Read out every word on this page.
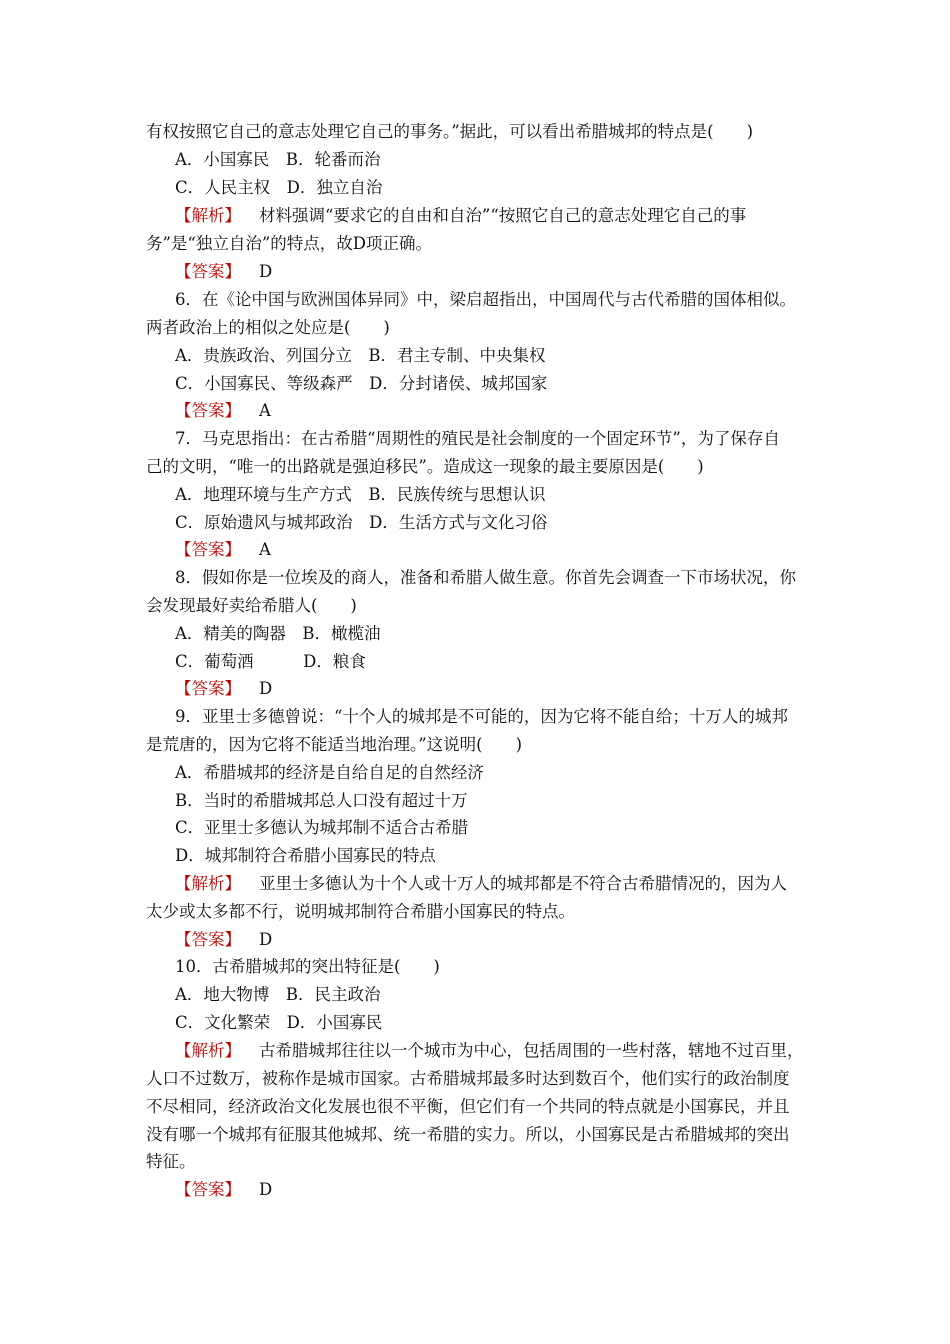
有权按照它自己的意志处理它自己的事务。”据此，可以看出希腊城邦的特点是(　　)
A．小国寡民　B．轮番而治
C．人民主权　D．独立自治
【解析】 材料强调“要求它的自由和自治”“按照它自己的意志处理它自己的事
务”是“独立自治”的特点，故D项正确。
【答案】 D
6．在《论中国与欧洲国体异同》中，梁启超指出，中国周代与古代希腊的国体相似。
两者政治上的相似之处应是(　　)
A．贵族政治、列国分立　B．君主专制、中央集权
C．小国寡民、等级森严　D．分封诸侯、城邦国家
【答案】 A
7．马克思指出：在古希腊“周期性的殖民是社会制度的一个固定环节”，为了保存自
己的文明，“唯一的出路就是强迫移民”。造成这一现象的最主要原因是(　　)
A．地理环境与生产方式　B．民族传统与思想认识
C．原始遗风与城邦政治　D．生活方式与文化习俗
【答案】 A
8．假如你是一位埃及的商人，准备和希腊人做生意。你首先会调查一下市场状况，你
会发现最好卖给希腊人(　　)
A．精美的陶器　B．橄榄油
C．葡萄酒　　　D．粮食
【答案】 D
9．亚里士多德曾说：“十个人的城邦是不可能的，因为它将不能自给；十万人的城邦
是荒唐的，因为它将不能适当地治理。”这说明(　　)
A．希腊城邦的经济是自给自足的自然经济
B．当时的希腊城邦总人口没有超过十万
C．亚里士多德认为城邦制不适合古希腊
D．城邦制符合希腊小国寡民的特点
【解析】 亚里士多德认为十个人或十万人的城邦都是不符合古希腊情况的，因为人
太少或太多都不行，说明城邦制符合希腊小国寡民的特点。
【答案】 D
10．古希腊城邦的突出特征是(　　)
A．地大物博　B．民主政治
C．文化繁荣　D．小国寡民
【解析】 古希腊城邦往往以一个城市为中心，包括周围的一些村落，辖地不过百里，
人口不过数万，被称作是城市国家。古希腊城邦最多时达到数百个，他们实行的政治制度
不尽相同，经济政治文化发展也很不平衡，但它们有一个共同的特点就是小国寡民，并且
没有哪一个城邦有征服其他城邦、统一希腊的实力。所以，小国寡民是古希腊城邦的突出
特征。
【答案】 D
